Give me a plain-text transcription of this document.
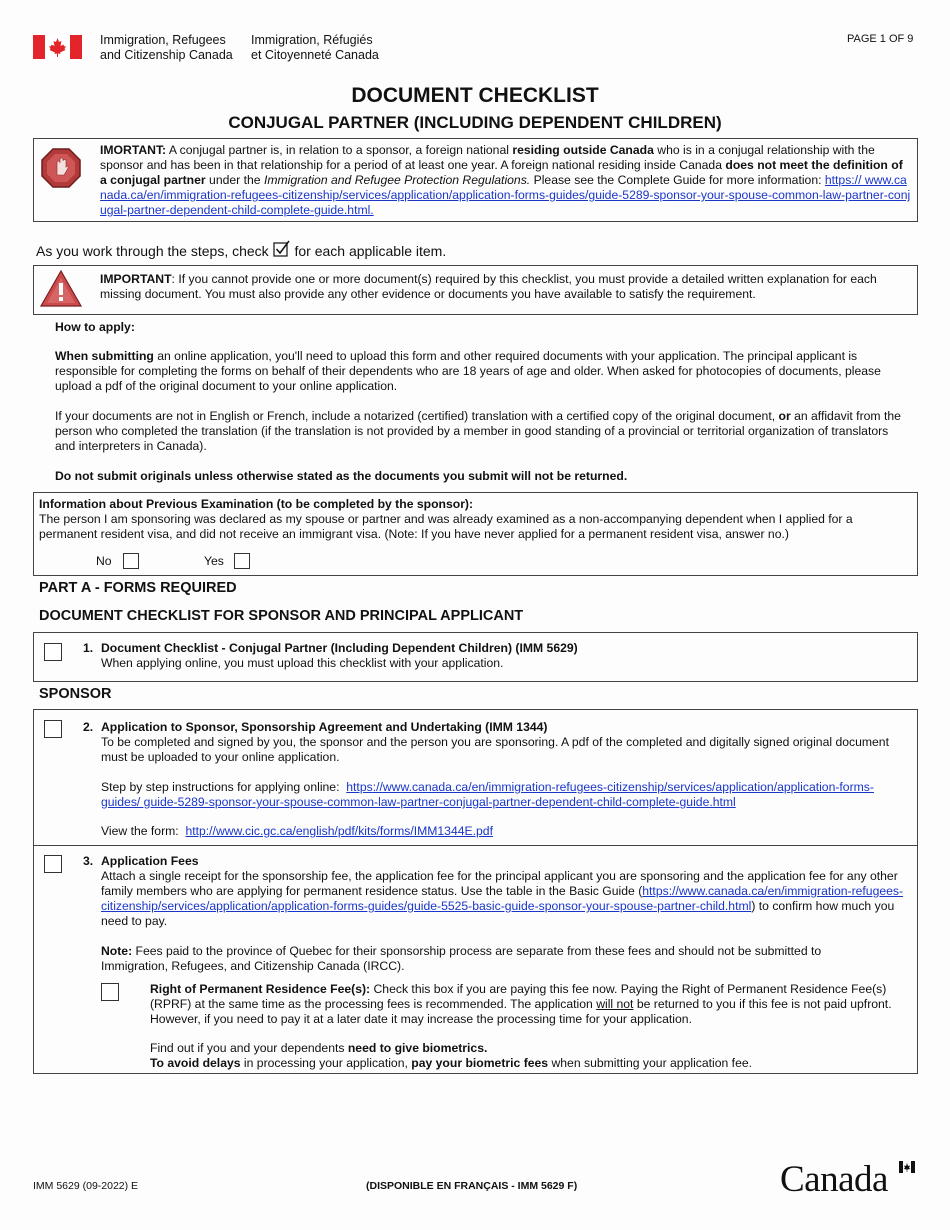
Immigration, Refugees
and Citizenship Canada
Immigration, Réfugiés
et Citoyenneté Canada
PAGE 1 OF 9
DOCUMENT CHECKLIST
CONJUGAL PARTNER (INCLUDING DEPENDENT CHILDREN)
IMORTANT: A conjugal partner is, in relation to a sponsor, a foreign national residing outside Canada who is in a conjugal relationship with the sponsor and has been in that relationship for a period of at least one year. A foreign national residing inside Canada does not meet the definition of a conjugal partner under the Immigration and Refugee Protection Regulations. Please see the Complete Guide for more information: https:// www.canada.ca/en/immigration-refugees-citizenship/services/application/application-forms-guides/guide-5289-sponsor-your-spouse-common-law-partner-conjugal-partner-dependent-child-complete-guide.html.
As you work through the steps, check for each applicable item.
IMPORTANT: If you cannot provide one or more document(s) required by this checklist, you must provide a detailed written explanation for each missing document. You must also provide any other evidence or documents you have available to satisfy the requirement.
How to apply:
When submitting an online application, you'll need to upload this form and other required documents with your application. The principal applicant is responsible for completing the forms on behalf of their dependents who are 18 years of age and older. When asked for photocopies of documents, please upload a pdf of the original document to your online application.
If your documents are not in English or French, include a notarized (certified) translation with a certified copy of the original document, or an affidavit from the person who completed the translation (if the translation is not provided by a member in good standing of a provincial or territorial organization of translators and interpreters in Canada).
Do not submit originals unless otherwise stated as the documents you submit will not be returned.
Information about Previous Examination (to be completed by the sponsor):
The person I am sponsoring was declared as my spouse or partner and was already examined as a non-accompanying dependent when I applied for a permanent resident visa, and did not receive an immigrant visa. (Note: If you have never applied for a permanent resident visa, answer no.)
No	Yes
PART A - FORMS REQUIRED
DOCUMENT CHECKLIST FOR SPONSOR AND PRINCIPAL APPLICANT
1. Document Checklist - Conjugal Partner (Including Dependent Children) (IMM 5629)
When applying online, you must upload this checklist with your application.
SPONSOR
2. Application to Sponsor, Sponsorship Agreement and Undertaking (IMM 1344)
To be completed and signed by you, the sponsor and the person you are sponsoring. A pdf of the completed and digitally signed original document must be uploaded to your online application.
Step by step instructions for applying online: https://www.canada.ca/en/immigration-refugees-citizenship/services/application/application-forms-guides/ guide-5289-sponsor-your-spouse-common-law-partner-conjugal-partner-dependent-child-complete-guide.html
View the form: http://www.cic.gc.ca/english/pdf/kits/forms/IMM1344E.pdf
3. Application Fees
Attach a single receipt for the sponsorship fee, the application fee for the principal applicant you are sponsoring and the application fee for any other family members who are applying for permanent residence status. Use the table in the Basic Guide (https://www.canada.ca/en/immigration-refugees-citizenship/services/application/application-forms-guides/guide-5525-basic-guide-sponsor-your-spouse-partner-child.html) to confirm how much you need to pay.
Note: Fees paid to the province of Quebec for their sponsorship process are separate from these fees and should not be submitted to Immigration, Refugees, and Citizenship Canada (IRCC).
Right of Permanent Residence Fee(s): Check this box if you are paying this fee now. Paying the Right of Permanent Residence Fee(s) (RPRF) at the same time as the processing fees is recommended. The application will not be returned to you if this fee is not paid upfront. However, if you need to pay it at a later date it may increase the processing time for your application.
Find out if you and your dependents need to give biometrics.
To avoid delays in processing your application, pay your biometric fees when submitting your application fee.
IMM 5629 (09-2022) E	(DISPONIBLE EN FRANÇAIS - IMM 5629 F)	Canada
